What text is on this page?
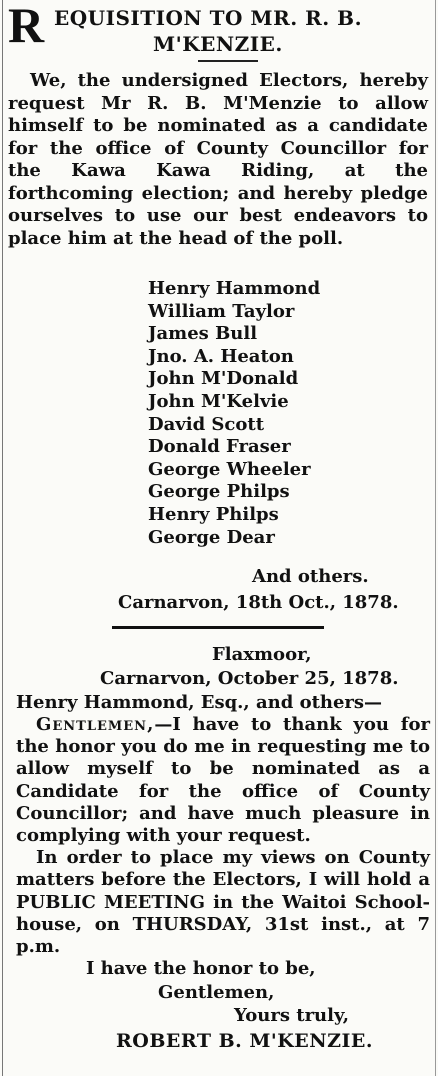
R EQUISITION TO MR. R. B.
M'KENZIE.
We, the undersigned Electors, hereby request Mr R. B. M'Menzie to allow himself to be nominated as a candidate for the office of County Councillor for the Kawa Kawa Riding, at the forthcoming election; and hereby pledge ourselves to use our best endeavors to place him at the head of the poll.
Henry Hammond
William Taylor
James Bull
Jno. A. Heaton
John M'Donald
John M'Kelvie
David Scott
Donald Fraser
George Wheeler
George Philps
Henry Philps
George Dear
And others.
Carnarvon, 18th Oct., 1878.
Flaxmoor,
Carnarvon, October 25, 1878.
Henry Hammond, Esq., and others—

Gentlemen,—I have to thank you for the honor you do me in requesting me to allow myself to be nominated as a Candidate for the office of County Councillor; and have much pleasure in complying with your request.

In order to place my views on County matters before the Electors, I will hold a PUBLIC MEETING in the Waitoi School-house, on THURSDAY, 31st inst., at 7 p.m.

I have the honor to be,
Gentlemen,
Yours truly,
ROBERT B. M'KENZIE.
